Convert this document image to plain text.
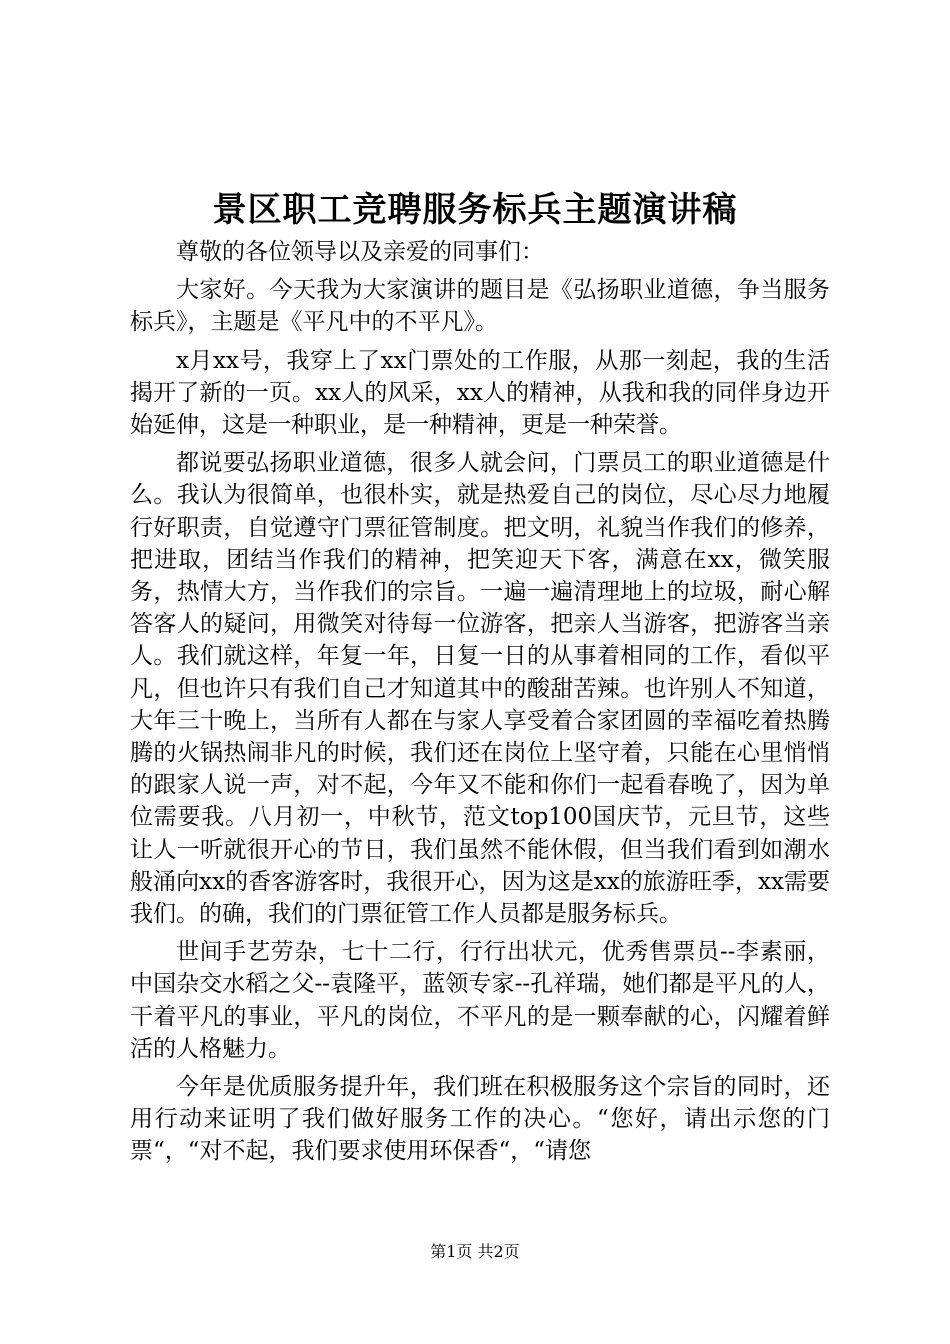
景区职工竞聘服务标兵主题演讲稿

尊敬的各位领导以及亲爱的同事们：

大家好。今天我为大家演讲的题目是《弘扬职业道德，争当服务标兵》，主题是《平凡中的不平凡》。

x月xx号，我穿上了xx门票处的工作服，从那一刻起，我的生活揭开了新的一页。xx人的风采，xx人的精神，从我和我的同伴身边开始延伸，这是一种职业，是一种精神，更是一种荣誉。

都说要弘扬职业道德，很多人就会问，门票员工的职业道德是什么。我认为很简单，也很朴实，就是热爱自己的岗位，尽心尽力地履行好职责，自觉遵守门票征管制度。把文明，礼貌当作我们的修养，把进取，团结当作我们的精神，把笑迎天下客，满意在xx，微笑服务，热情大方，当作我们的宗旨。一遍一遍清理地上的垃圾，耐心解答客人的疑问，用微笑对待每一位游客，把亲人当游客，把游客当亲人。我们就这样，年复一年，日复一日的从事着相同的工作，看似平凡，但也许只有我们自己才知道其中的酸甜苦辣。也许别人不知道，大年三十晚上，当所有人都在与家人享受着合家团圆的幸福吃着热腾腾的火锅热闹非凡的时候，我们还在岗位上坚守着，只能在心里悄悄的跟家人说一声，对不起，今年又不能和你们一起看春晚了，因为单位需要我。八月初一，中秋节，范文top100国庆节，元旦节，这些让人一听就很开心的节日，我们虽然不能休假，但当我们看到如潮水般涌向xx的香客游客时，我很开心，因为这是xx的旅游旺季，xx需要我们。的确，我们的门票征管工作人员都是服务标兵。

世间手艺劳杂，七十二行，行行出状元，优秀售票员--李素丽，中国杂交水稻之父--袁隆平，蓝领专家--孔祥瑞，她们都是平凡的人，干着平凡的事业，平凡的岗位，不平凡的是一颗奉献的心，闪耀着鲜活的人格魅力。

今年是优质服务提升年，我们班在积极服务这个宗旨的同时，还用行动来证明了我们做好服务工作的决心。“您好，请出示您的门票“，“对不起，我们要求使用环保香“，“请您

第1页 共2页
